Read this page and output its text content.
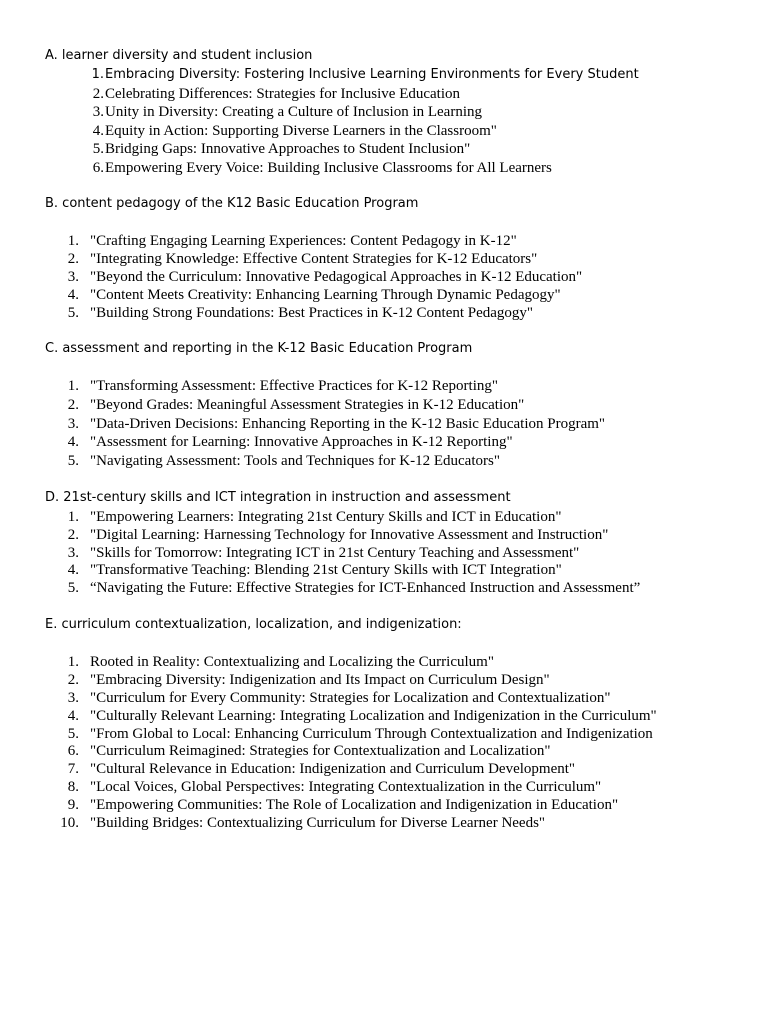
A. learner diversity and student inclusion

1. Embracing Diversity: Fostering Inclusive Learning Environments for Every Student
2. Celebrating Differences: Strategies for Inclusive Education
3. Unity in Diversity: Creating a Culture of Inclusion in Learning
4. Equity in Action: Supporting Diverse Learners in the Classroom"
5. Bridging Gaps: Innovative Approaches to Student Inclusion"
6. Empowering Every Voice: Building Inclusive Classrooms for All Learners

B. content pedagogy of the K12 Basic Education Program

1. "Crafting Engaging Learning Experiences: Content Pedagogy in K-12"
2. "Integrating Knowledge: Effective Content Strategies for K-12 Educators"
3. "Beyond the Curriculum: Innovative Pedagogical Approaches in K-12 Education"
4. "Content Meets Creativity: Enhancing Learning Through Dynamic Pedagogy"
5. "Building Strong Foundations: Best Practices in K-12 Content Pedagogy"

C. assessment and reporting in the K-12 Basic Education Program

1. "Transforming Assessment: Effective Practices for K-12 Reporting"
2. "Beyond Grades: Meaningful Assessment Strategies in K-12 Education"
3. "Data-Driven Decisions: Enhancing Reporting in the K-12 Basic Education Program"
4. "Assessment for Learning: Innovative Approaches in K-12 Reporting"
5. "Navigating Assessment: Tools and Techniques for K-12 Educators"

D. 21st-century skills and ICT integration in instruction and assessment

1. "Empowering Learners: Integrating 21st Century Skills and ICT in Education"
2. "Digital Learning: Harnessing Technology for Innovative Assessment and Instruction"
3. "Skills for Tomorrow: Integrating ICT in 21st Century Teaching and Assessment"
4. "Transformative Teaching: Blending 21st Century Skills with ICT Integration"
5. “Navigating the Future: Effective Strategies for ICT-Enhanced Instruction and Assessment”

E. curriculum contextualization, localization, and indigenization:

1. Rooted in Reality: Contextualizing and Localizing the Curriculum"
2. "Embracing Diversity: Indigenization and Its Impact on Curriculum Design"
3. "Curriculum for Every Community: Strategies for Localization and Contextualization"
4. "Culturally Relevant Learning: Integrating Localization and Indigenization in the Curriculum"
5. "From Global to Local: Enhancing Curriculum Through Contextualization and Indigenization
6. "Curriculum Reimagined: Strategies for Contextualization and Localization"
7. "Cultural Relevance in Education: Indigenization and Curriculum Development"
8. "Local Voices, Global Perspectives: Integrating Contextualization in the Curriculum"
9. "Empowering Communities: The Role of Localization and Indigenization in Education"
10. "Building Bridges: Contextualizing Curriculum for Diverse Learner Needs"
